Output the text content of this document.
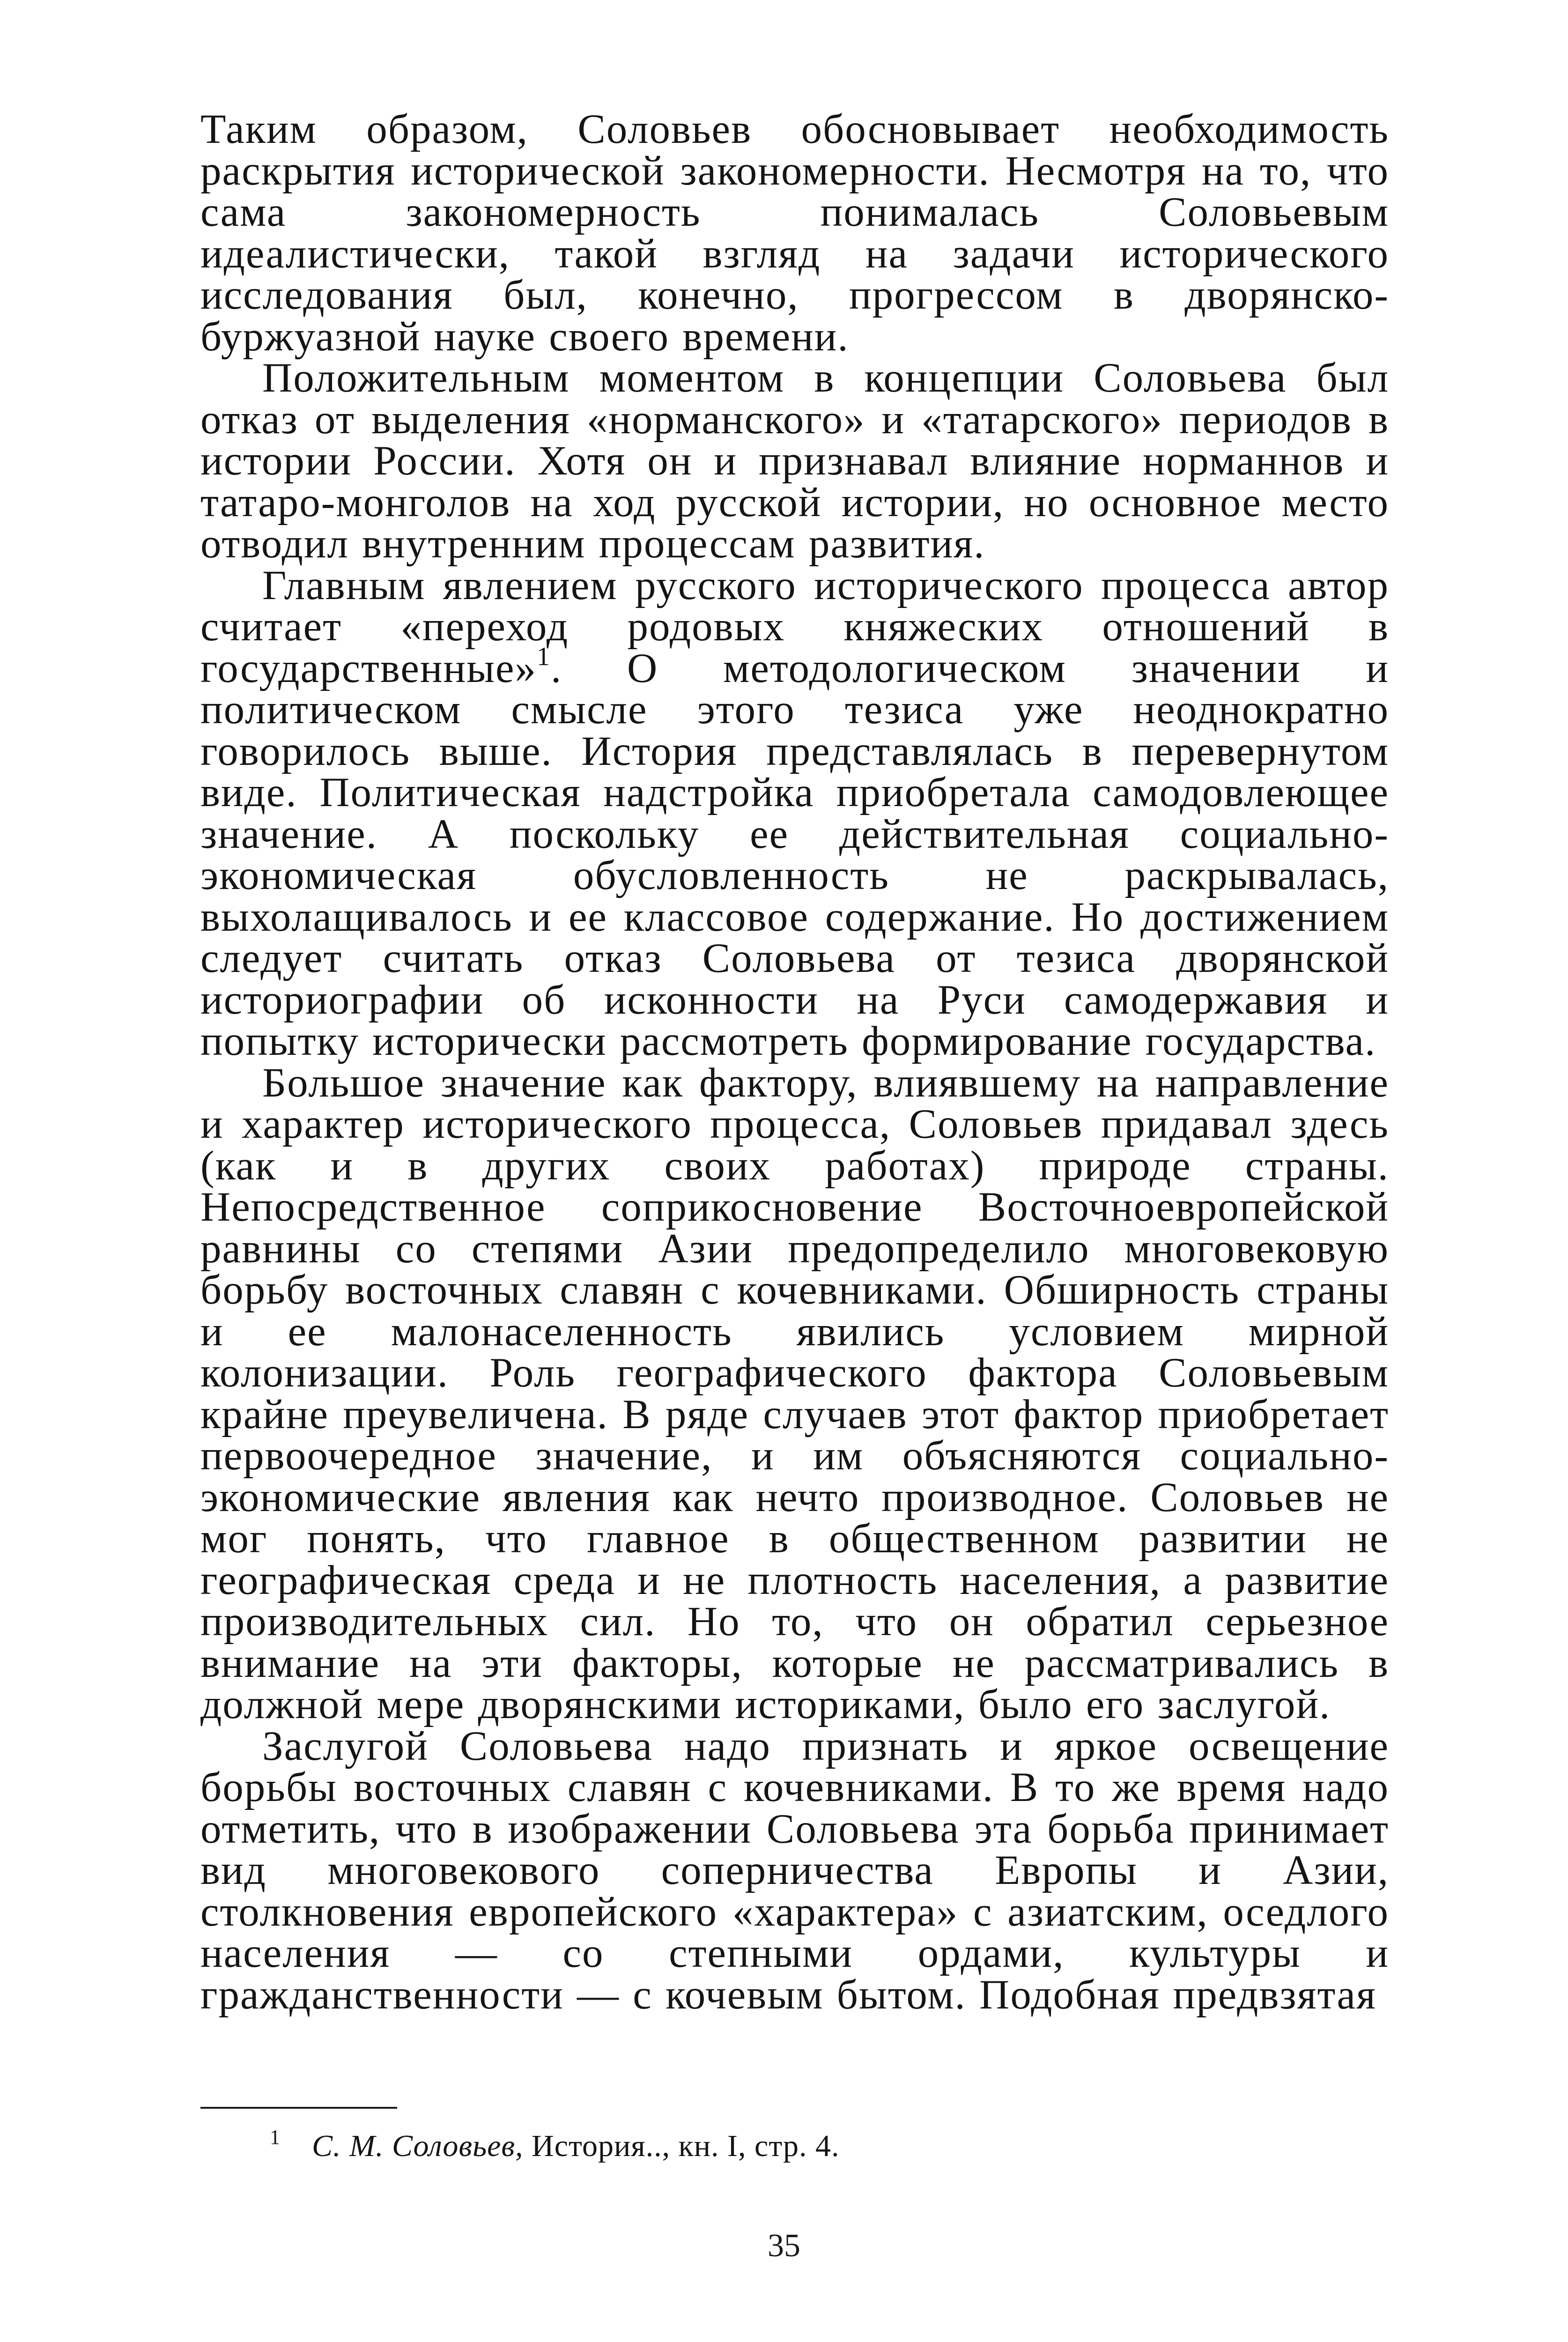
Таким образом, Соловьев обосновывает необходимость раскрытия исторической закономерности. Несмотря на то, что сама закономерность понималась Соловьевым идеалистически, такой взгляд на задачи исторического исследования был, конечно, прогрессом в дворянско-буржуазной науке своего времени.

Положительным моментом в концепции Соловьева был отказ от выделения «норманского» и «татарского» периодов в истории России. Хотя он и признавал влияние норманнов и татаро-монголов на ход русской истории, но основное место отводил внутренним процессам развития.

Главным явлением русского исторического процесса автор считает «переход родовых княжеских отношений в государственные»$^1$. О методологическом значении и политическом смысле этого тезиса уже неоднократно говорилось выше. История представлялась в перевернутом виде. Политическая надстройка приобретала самодовлеющее значение. А поскольку ее действительная социально-экономическая обусловленность не раскрывалась, выхолащивалось и ее классовое содержание. Но достижением следует считать отказ Соловьева от тезиса дворянской историографии об исконности на Руси самодержавия и попытку исторически рассмотреть формирование государства.

Большое значение как фактору, влиявшему на направление и характер исторического процесса, Соловьев придавал здесь (как и в других своих работах) природе страны. Непосредственное соприкосновение Восточноевропейской равнины со степями Азии предопределило многовековую борьбу восточных славян с кочевниками. Обширность страны и ее малонаселенность явились условием мирной колонизации. Роль географического фактора Соловьевым крайне преувеличена. В ряде случаев этот фактор приобретает первоочередное значение, и им объясняются социально-экономические явления как нечто производное. Соловьев не мог понять, что главное в общественном развитии не географическая среда и не плотность населения, а развитие производительных сил. Но то, что он обратил серьезное внимание на эти факторы, которые не рассматривались в должной мере дворянскими историками, было его заслугой.

Заслугой Соловьева надо признать и яркое освещение борьбы восточных славян с кочевниками. В то же время надо отметить, что в изображении Соловьева эта борьба принимает вид многовекового соперничества Европы и Азии, столкновения европейского «характера» с азиатским, оседлого населения — со степными ордами, культуры и гражданственности — с кочевым бытом. Подобная предвзятая

1 С. М. Соловьев, История.., кн. I, стр. 4.
35
